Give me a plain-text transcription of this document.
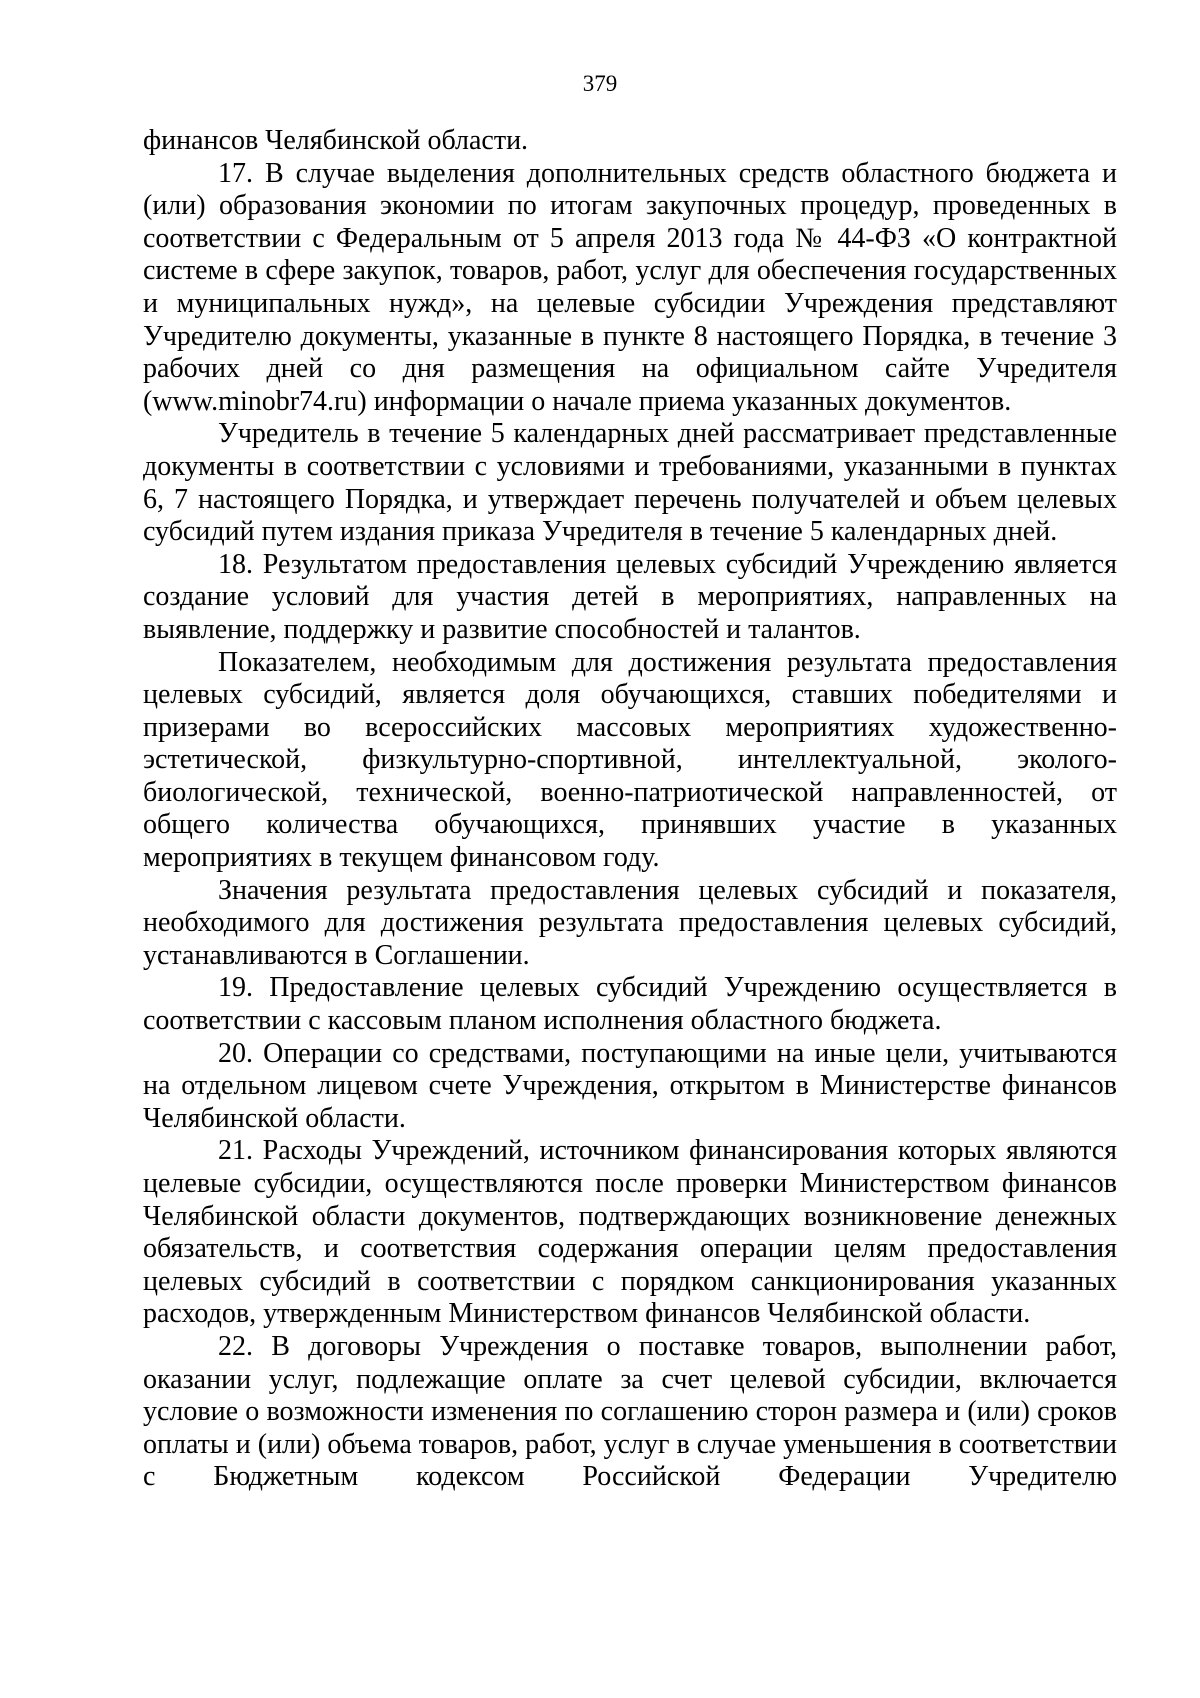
379

финансов Челябинской области.

17. В случае выделения дополнительных средств областного бюджета и (или) образования экономии по итогам закупочных процедур, проведенных в соответствии с Федеральным от 5 апреля 2013 года № 44-ФЗ «О контрактной системе в сфере закупок, товаров, работ, услуг для обеспечения государственных и муниципальных нужд», на целевые субсидии Учреждения представляют Учредителю документы, указанные в пункте 8 настоящего Порядка, в течение 3 рабочих дней со дня размещения на официальном сайте Учредителя (www.minobr74.ru) информации о начале приема указанных документов.

Учредитель в течение 5 календарных дней рассматривает представленные документы в соответствии с условиями и требованиями, указанными в пунктах 6, 7 настоящего Порядка, и утверждает перечень получателей и объем целевых субсидий путем издания приказа Учредителя в течение 5 календарных дней.

18. Результатом предоставления целевых субсидий Учреждению является создание условий для участия детей в мероприятиях, направленных на выявление, поддержку и развитие способностей и талантов.

Показателем, необходимым для достижения результата предоставления целевых субсидий, является доля обучающихся, ставших победителями и призерами во всероссийских массовых мероприятиях художественно-эстетической, физкультурно-спортивной, интеллектуальной, эколого-биологической, технической, военно-патриотической направленностей, от общего количества обучающихся, принявших участие в указанных мероприятиях в текущем финансовом году.

Значения результата предоставления целевых субсидий и показателя, необходимого для достижения результата предоставления целевых субсидий, устанавливаются в Соглашении.

19. Предоставление целевых субсидий Учреждению осуществляется в соответствии с кассовым планом исполнения областного бюджета.

20. Операции со средствами, поступающими на иные цели, учитываются на отдельном лицевом счете Учреждения, открытом в Министерстве финансов Челябинской области.

21. Расходы Учреждений, источником финансирования которых являются целевые субсидии, осуществляются после проверки Министерством финансов Челябинской области документов, подтверждающих возникновение денежных обязательств, и соответствия содержания операции целям предоставления целевых субсидий в соответствии с порядком санкционирования указанных расходов, утвержденным Министерством финансов Челябинской области.

22. В договоры Учреждения о поставке товаров, выполнении работ, оказании услуг, подлежащие оплате за счет целевой субсидии, включается условие о возможности изменения по соглашению сторон размера и (или) сроков оплаты и (или) объема товаров, работ, услуг в случае уменьшения в соответствии с Бюджетным кодексом Российской Федерации Учредителю
